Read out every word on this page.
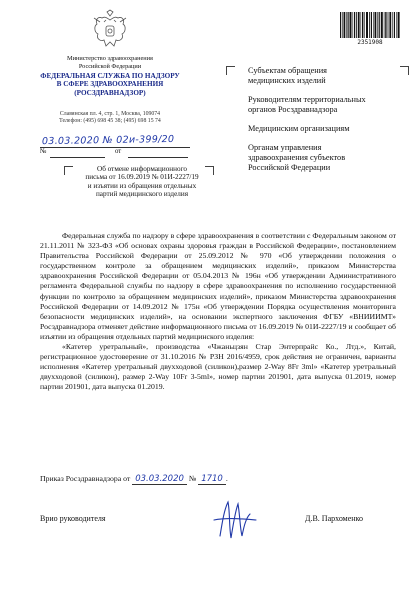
Министерство здравоохранения
Российской Федерации
ФЕДЕРАЛЬНАЯ СЛУЖБА ПО НАДЗОРУ
В СФЕРЕ ЗДРАВООХРАНЕНИЯ
(РОСЗДРАВНАДЗОР)
Славянская пл. 4, стр. 1, Москва, 109074
Телефон: (495) 698 45 38; (495) 698 15 74
03.03.2020 № 02и-399/20
№	от
Об отмене информационного
письма от 16.09.2019 № 01И-2227/19
и изъятии из обращения отдельных
партий медицинского изделия
2351908

Субъектам обращения
медицинских изделий

Руководителям территориальных
органов Росздравнадзора

Медицинским организациям

Органам управления
здравоохранения субъектов
Российской Федерации

Федеральная служба по надзору в сфере здравоохранения в соответствии с Федеральным законом от 21.11.2011 № 323-ФЗ «Об основах охраны здоровья граждан в Российской Федерации», постановлением Правительства Российской Федерации от 25.09.2012 № 970 «Об утверждении положения о государственном контроле за обращением медицинских изделий», приказом Министерства здравоохранения Российской Федерации от 05.04.2013 № 196н «Об утверждении Административного регламента Федеральной службы по надзору в сфере здравоохранения по исполнению государственной функции по контролю за обращением медицинских изделий», приказом Министерства здравоохранения Российской Федерации от 14.09.2012 № 175н «Об утверждении Порядка осуществления мониторинга безопасности медицинских изделий», на основании экспертного заключения ФГБУ «ВНИИИМТ» Росздравнадзора отменяет действие информационного письма от 16.09.2019 № 01И-2227/19 и сообщает об изъятии из обращения отдельных партий медицинского изделия:

«Катетер уретральный», производства «Чжаньцзян Стар Энтерпрайс Ко., Лтд.», Китай, регистрационное удостоверение от 31.10.2016 № РЗН 2016/4959, срок действия не ограничен, варианты исполнения «Катетер уретральный двухходовой (силикон),размер 2-Way 8Fr 3ml» «Катетер уретральный двухходовой (силикон), размер 2-Way 10Fr 3-5ml», номер партии 201901, дата выпуска 01.2019, номер партии 201901, дата выпуска 01.2019.

Приказ Росздравнадзора от 03.03.2020 № 1710 .
Врио руководителя	Д.В. Пархоменко
